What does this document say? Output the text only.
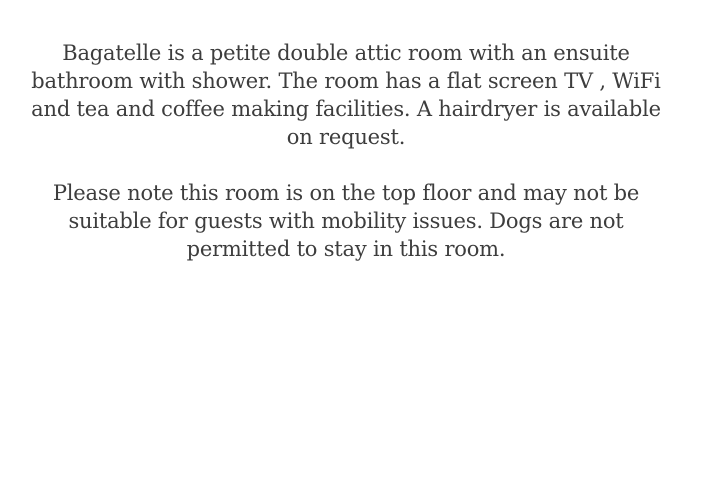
Bagatelle is a petite double attic room with an ensuite
bathroom with shower. The room has a flat screen TV , WiFi
and tea and coffee making facilities. A hairdryer is available
on request.
Please note this room is on the top floor and may not be
suitable for guests with mobility issues. Dogs are not
permitted to stay in this room.
